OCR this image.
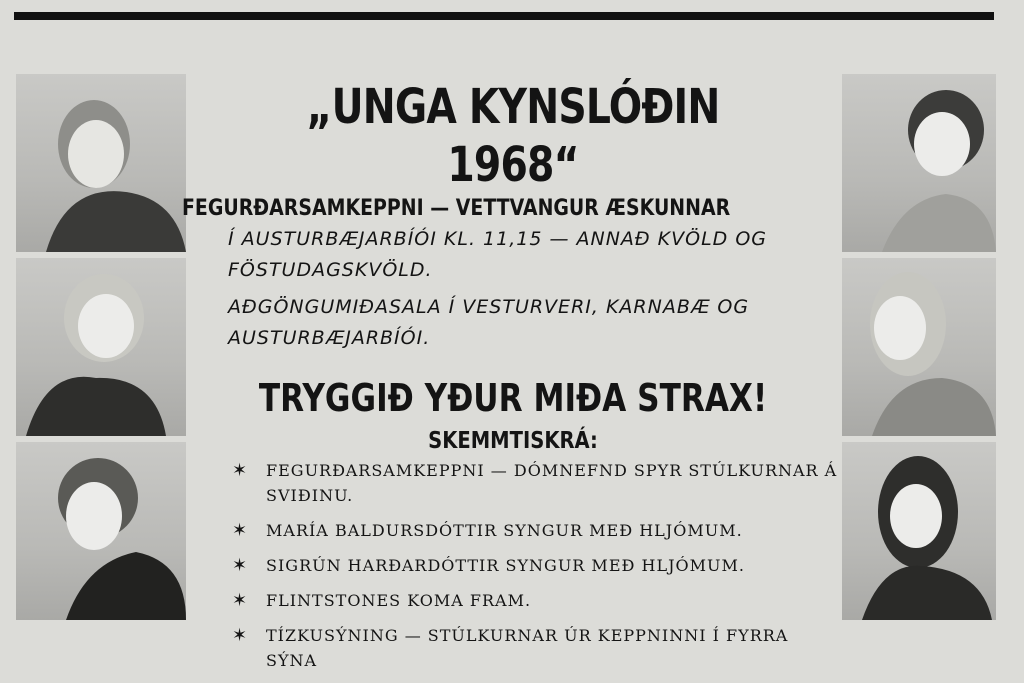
„UNGA KYNSLÓÐIN 1968“
FEGURÐARSAMKEPPNI — VETTVANGUR ÆSKUNNAR

Í AUSTURBÆJARBÍÓI KL. 11,15 — ANNAÐ KVÖLD OG FÖSTUDAGSKVÖLD.

AÐGÖNGUMIÐASALA Í VESTURVERI, KARNABÆ OG AUSTURBÆJARBÍÓI.

TRYGGIÐ YÐUR MIÐA STRAX!
SKEMMTISKRÁ:
✶ FEGURÐARSAMKEPPNI — DÓMNEFND SPYR STÚLKURNAR Á SVIÐINU.
✶ MARÍA BALDURSDÓTTIR SYNGUR MEÐ HLJÓMUM.
✶ SIGRÚN HARÐARDÓTTIR SYNGUR MEÐ HLJÓMUM.
✶ FLINTSTONES KOMA FRAM.
✶ TÍZKUSÝNING — STÚLKURNAR ÚR KEPPNINNI Í FYRRA SÝNA
